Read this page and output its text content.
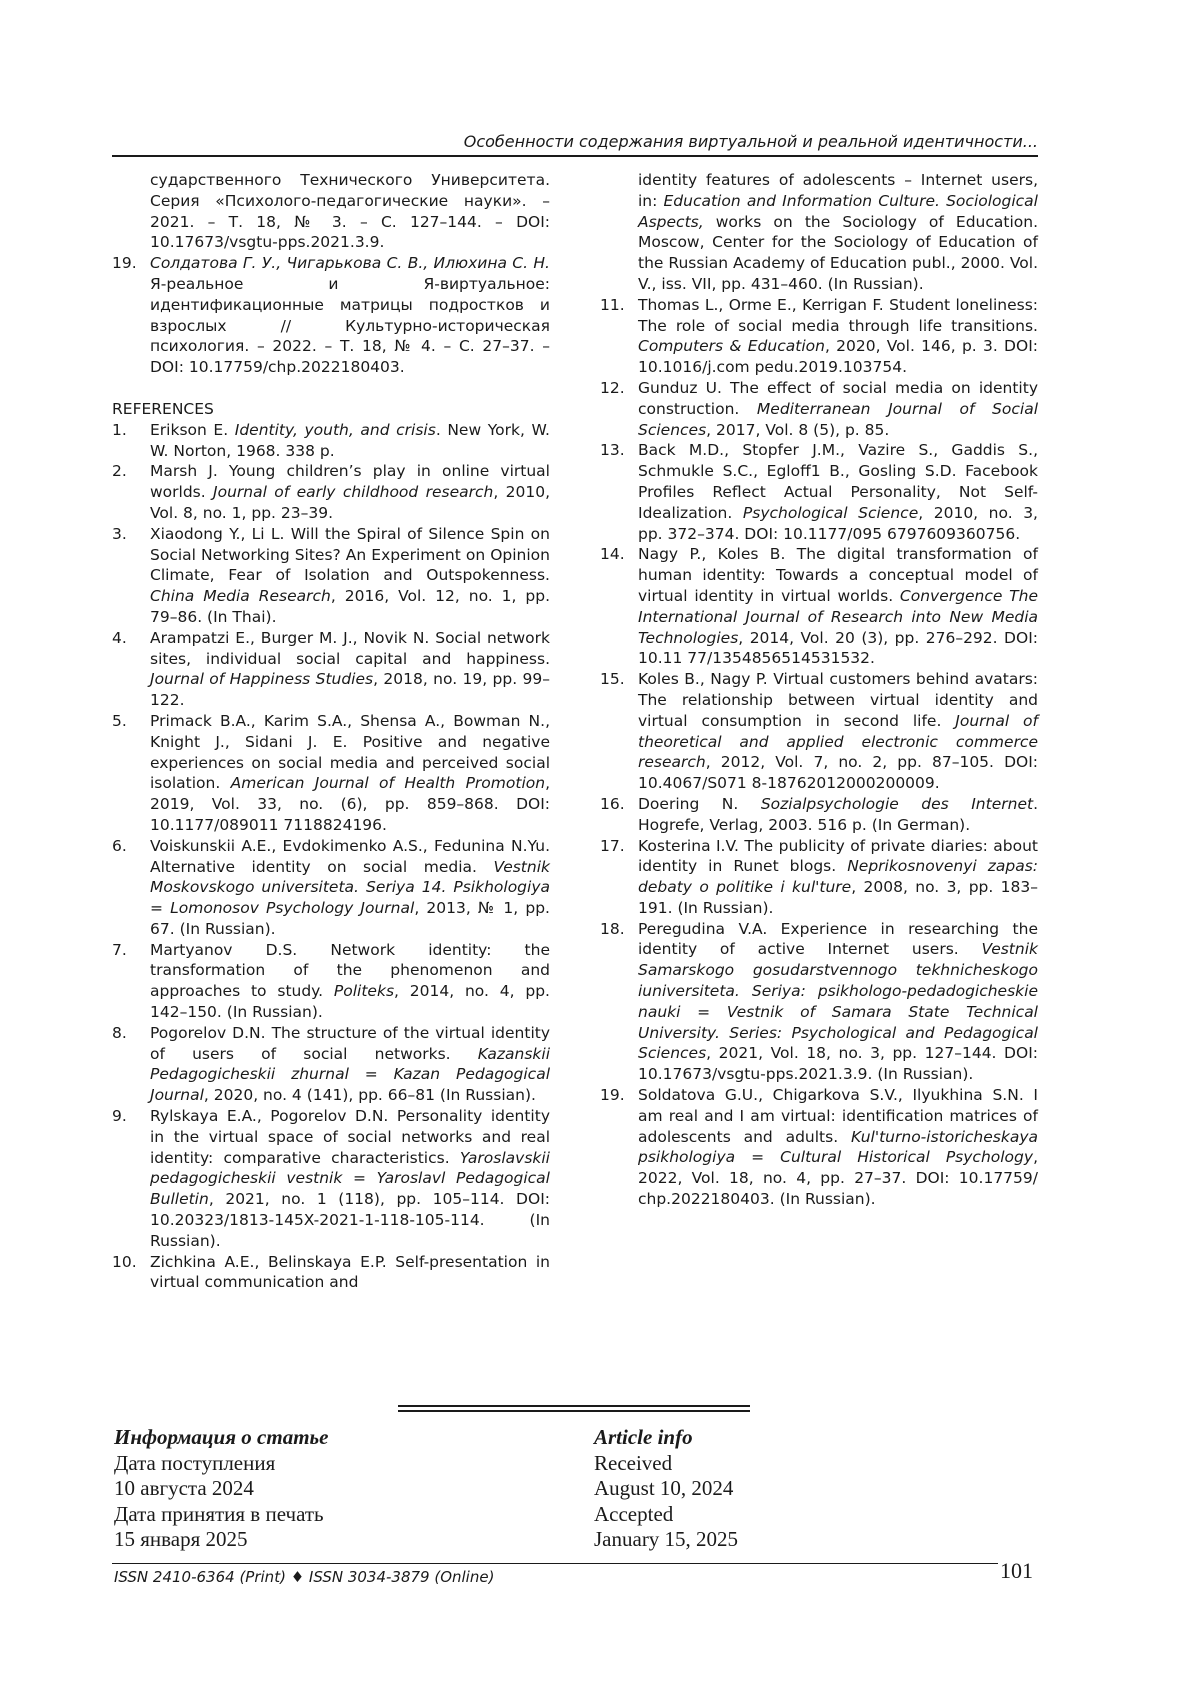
Особенности содержания виртуальной и реальной идентичности...
сударственного Технического Университета. Серия «Психолого-педагогические науки». – 2021. – Т. 18, № 3. – С. 127–144. – DOI: 10.17673/vsgtu-pps.2021.3.9.
19. Солдатова Г. У., Чигарькова С. В., Илюхина С. Н. Я-реальное и Я-виртуальное: идентификационные матрицы подростков и взрослых // Культурно-историческая психология. – 2022. – Т. 18, № 4. – С. 27–37. – DOI: 10.17759/chp.2022180403.
REFERENCES
1. Erikson E. Identity, youth, and crisis. New York, W. W. Norton, 1968. 338 p.
2. Marsh J. Young children’s play in online virtual worlds. Journal of early childhood research, 2010, Vol. 8, no. 1, pp. 23–39.
3. Xiaodong Y., Li L. Will the Spiral of Silence Spin on Social Networking Sites? An Experiment on Opinion Climate, Fear of Isolation and Outspokenness. China Media Research, 2016, Vol. 12, no. 1, pp. 79–86. (In Thai).
4. Arampatzi E., Burger M. J., Novik N. Social network sites, individual social capital and happiness. Journal of Happiness Studies, 2018, no. 19, pp. 99–122.
5. Primack B.A., Karim S.A., Shensa A., Bowman N., Knight J., Sidani J. E. Positive and negative experiences on social media and perceived social isolation. American Journal of Health Promotion, 2019, Vol. 33, no. (6), pp. 859–868. DOI: 10.1177/089011 7118824196.
6. Voiskunskii A.E., Evdokimenko A.S., Fedunina N.Yu. Alternative identity on social media. Vestnik Moskovskogo universiteta. Seriya 14. Psikhologiya = Lomonosov Psychology Journal, 2013, № 1, pp. 67. (In Russian).
7. Martyanov D.S. Network identity: the transformation of the phenomenon and approaches to study. Politeks, 2014, no. 4, pp. 142–150. (In Russian).
8. Pogorelov D.N. The structure of the virtual identity of users of social networks. Kazanskii Pedagogicheskii zhurnal = Kazan Pedagogical Journal, 2020, no. 4 (141), pp. 66–81 (In Russian).
9. Rylskaya E.A., Pogorelov D.N. Personality identity in the virtual space of social networks and real identity: comparative characteristics. Yaroslavskii pedagogicheskii vestnik = Yaroslavl Pedagogical Bulletin, 2021, no. 1 (118), pp. 105–114. DOI: 10.20323/1813-145X-2021-1-118-105-114. (In Russian).
10. Zichkina A.E., Belinskaya E.P. Self-presentation in virtual communication and
identity features of adolescents – Internet users, in: Education and Information Culture. Sociological Aspects, works on the Sociology of Education. Moscow, Center for the Sociology of Education of the Russian Academy of Education publ., 2000. Vol. V., iss. VII, pp. 431–460. (In Russian).
11. Thomas L., Orme E., Kerrigan F. Student loneliness: The role of social media through life transitions. Computers & Education, 2020, Vol. 146, p. 3. DOI: 10.1016/j.com pedu.2019.103754.
12. Gunduz U. The effect of social media on identity construction. Mediterranean Journal of Social Sciences, 2017, Vol. 8 (5), p. 85.
13. Back M.D., Stopfer J.M., Vazire S., Gaddis S., Schmukle S.C., Egloff1 B., Gosling S.D. Facebook Profiles Reflect Actual Personality, Not Self-Idealization. Psychological Science, 2010, no. 3, pp. 372–374. DOI: 10.1177/095 6797609360756.
14. Nagy P., Koles B. The digital transformation of human identity: Towards a conceptual model of virtual identity in virtual worlds. Convergence The International Journal of Research into New Media Technologies, 2014, Vol. 20 (3), pp. 276–292. DOI: 10.11 77/1354856514531532.
15. Koles B., Nagy P. Virtual customers behind avatars: The relationship between virtual identity and virtual consumption in second life. Journal of theoretical and applied electronic commerce research, 2012, Vol. 7, no. 2, pp. 87–105. DOI: 10.4067/S071 8-18762012000200009.
16. Doering N. Sozialpsychologie des Internet. Hogrefe, Verlag, 2003. 516 p. (In German).
17. Kosterina I.V. The publicity of private diaries: about identity in Runet blogs. Neprikosnovenyi zapas: debaty o politike i kul'ture, 2008, no. 3, pp. 183–191. (In Russian).
18. Peregudina V.A. Experience in researching the identity of active Internet users. Vestnik Samarskogo gosudarstvennogo tekhnicheskogo iuniversiteta. Seriya: psikhologo-pedadogicheskie nauki = Vestnik of Samara State Technical University. Series: Psychological and Pedagogical Sciences, 2021, Vol. 18, no. 3, pp. 127–144. DOI: 10.17673/vsgtu-pps.2021.3.9. (In Russian).
19. Soldatova G.U., Chigarkova S.V., Ilyukhina S.N. I am real and I am virtual: identification matrices of adolescents and adults. Kul'turno-istoricheskaya psikhologiya = Cultural Historical Psychology, 2022, Vol. 18, no. 4, pp. 27–37. DOI: 10.17759/ chp.2022180403. (In Russian).
Информация о статье
Дата поступления
10 августа 2024
Дата принятия в печать
15 января 2025
Article info
Received
August 10, 2024
Accepted
January 15, 2025
ISSN 2410-6364 (Print) ♦ ISSN 3034-3879 (Online)	101
